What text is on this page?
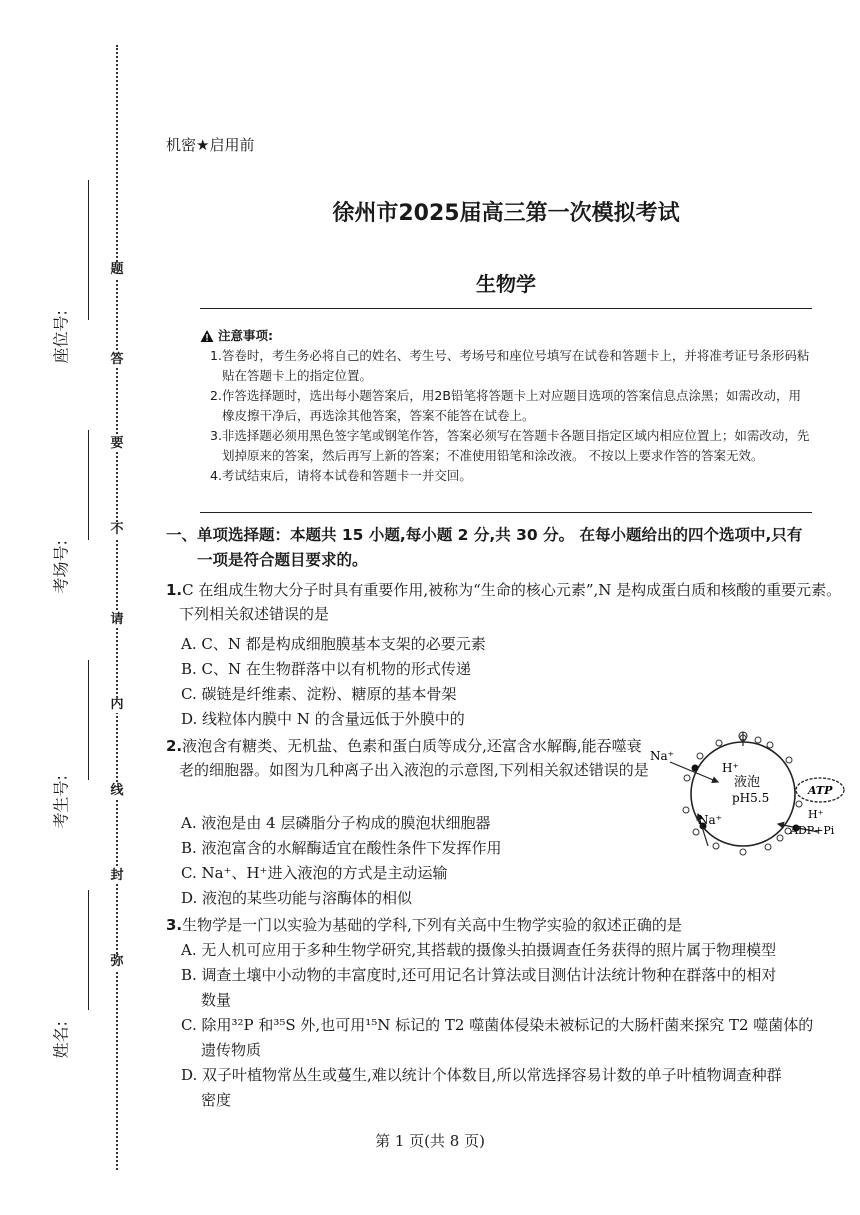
题
答
要
不
请
内
线
封
弥
座位号:
考场号:
考生号:
姓名:
机密★启用前
徐州市2025届高三第一次模拟考试
生物学
注意事项:
1.答卷时，考生务必将自己的姓名、考生号、考场号和座位号填写在试卷和答题卡上，并将准考证号条形码粘贴在答题卡上的指定位置。
2.作答选择题时，选出每小题答案后，用2B铅笔将答题卡上对应题目选项的答案信息点涂黑；如需改动，用橡皮擦干净后，再选涂其他答案，答案不能答在试卷上。
3.非选择题必须用黑色签字笔或钢笔作答，答案必须写在答题卡各题目指定区域内相应位置上；如需改动，先划掉原来的答案，然后再写上新的答案；不准使用铅笔和涂改液。 不按以上要求作答的答案无效。
4.考试结束后，请将本试卷和答题卡一并交回。
一、单项选择题：本题共 15 小题,每小题 2 分,共 30 分。 在每小题给出的四个选项中,只有
一项是符合题目要求的。
1.C 在组成生物大分子时具有重要作用,被称为“生命的核心元素”,N 是构成蛋白质和核酸的重要元素。下列相关叙述错误的是
A. C、N 都是构成细胞膜基本支架的必要元素
B. C、N 在生物群落中以有机物的形式传递
C. 碳链是纤维素、淀粉、糖原的基本骨架
D. 线粒体内膜中 N 的含量远低于外膜中的
2.液泡含有糖类、无机盐、色素和蛋白质等成分,还富含水解酶,能吞噬衰老的细胞器。如图为几种离子出入液泡的示意图,下列相关叙述错误的是
A. 液泡是由 4 层磷脂分子构成的膜泡状细胞器
B. 液泡富含的水解酶适宜在酸性条件下发挥作用
C. Na⁺、H⁺进入液泡的方式是主动运输
D. 液泡的某些功能与溶酶体的相似
Na⁺
H⁺
液泡
pH5.5
Na⁺
ATP
H⁺
ADP+Pi
3.生物学是一门以实验为基础的学科,下列有关高中生物学实验的叙述正确的是
A. 无人机可应用于多种生物学研究,其搭载的摄像头拍摄调查任务获得的照片属于物理模型
B. 调查土壤中小动物的丰富度时,还可用记名计算法或目测估计法统计物种在群落中的相对
数量
C. 除用³²P 和³⁵S 外,也可用¹⁵N 标记的 T2 噬菌体侵染未被标记的大肠杆菌来探究 T2 噬菌体的
遗传物质
D. 双子叶植物常丛生或蔓生,难以统计个体数目,所以常选择容易计数的单子叶植物调查种群
密度
第 1 页(共 8 页)
